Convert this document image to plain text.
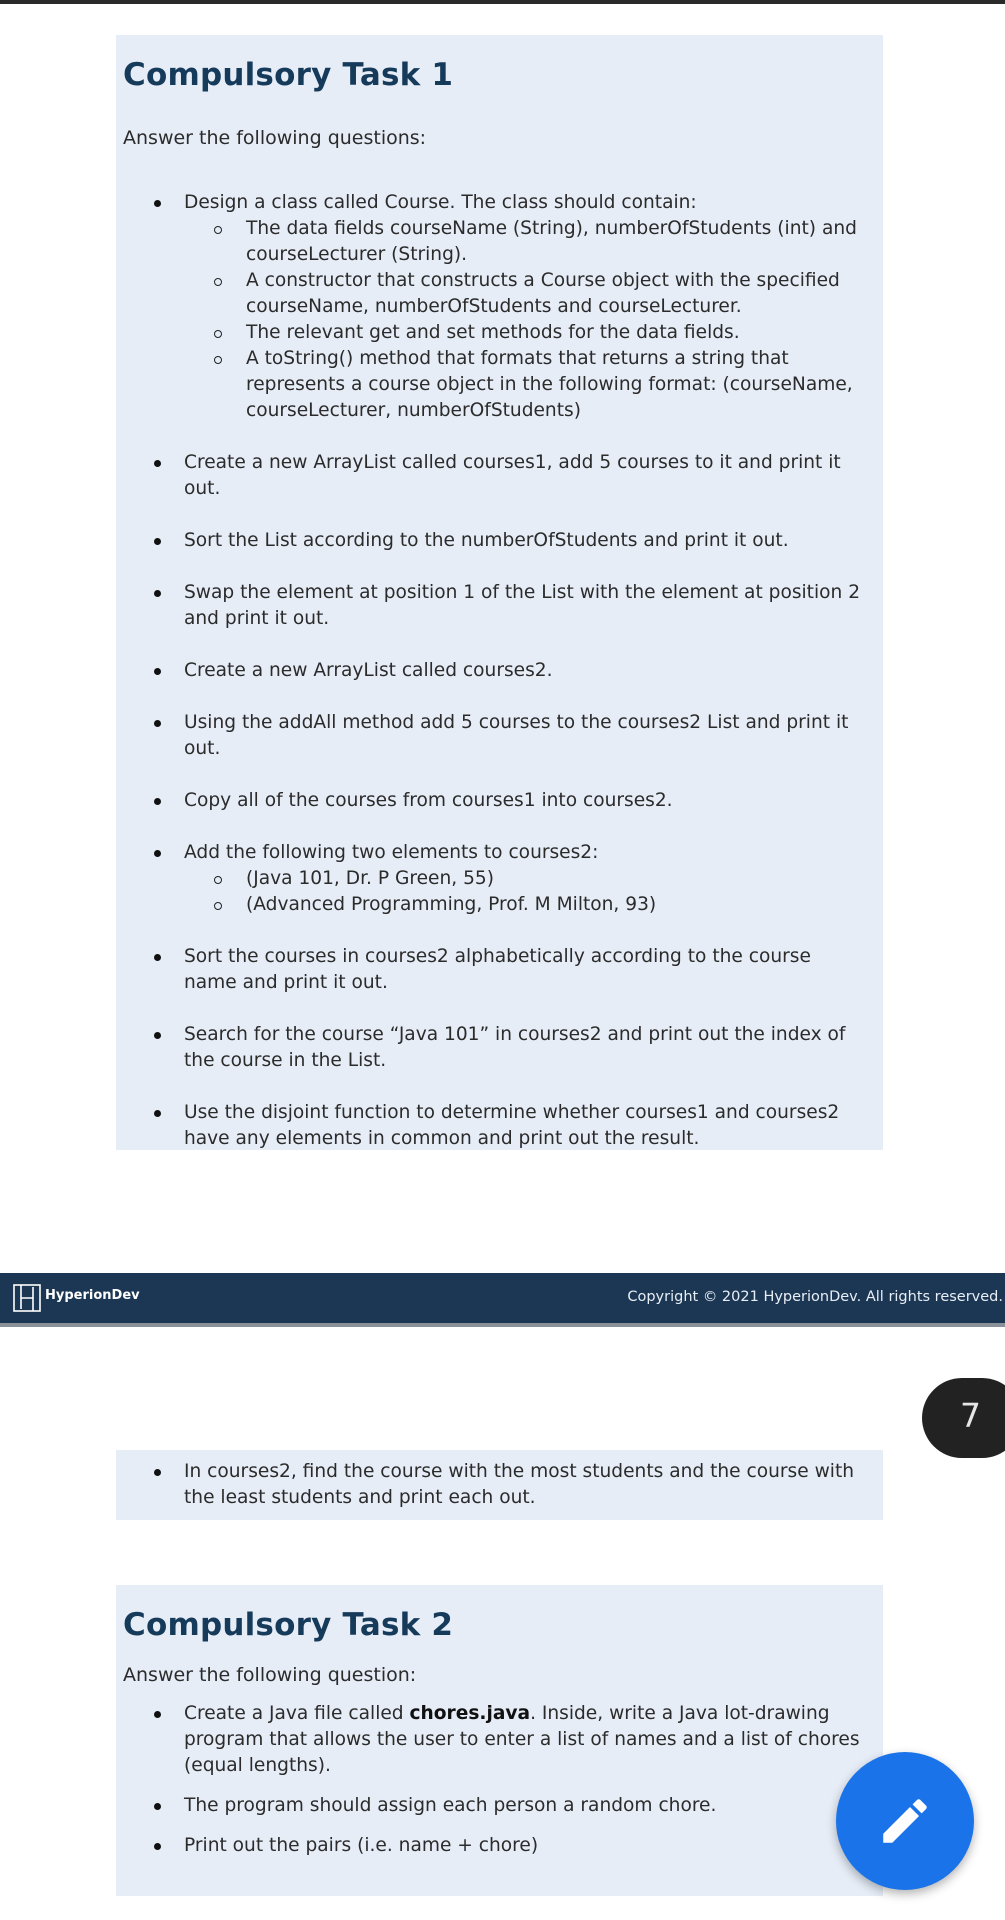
Compulsory Task 1

Answer the following questions:

Design a class called Course. The class should contain:
The data fields courseName (String), numberOfStudents (int) and courseLecturer (String).
A constructor that constructs a Course object with the specified courseName, numberOfStudents and courseLecturer.
The relevant get and set methods for the data fields.
A toString() method that formats that returns a string that represents a course object in the following format: (courseName, courseLecturer, numberOfStudents)
Create a new ArrayList called courses1, add 5 courses to it and print it out.
Sort the List according to the numberOfStudents and print it out.
Swap the element at position 1 of the List with the element at position 2 and print it out.
Create a new ArrayList called courses2.
Using the addAll method add 5 courses to the courses2 List and print it out.
Copy all of the courses from courses1 into courses2.
Add the following two elements to courses2:
(Java 101, Dr. P Green, 55)
(Advanced Programming, Prof. M Milton, 93)
Sort the courses in courses2 alphabetically according to the course name and print it out.
Search for the course “Java 101” in courses2 and print out the index of the course in the List.
Use the disjoint function to determine whether courses1 and courses2 have any elements in common and print out the result.
HyperionDev	Copyright © 2021 HyperionDev. All rights reserved.
7
In courses2, find the course with the most students and the course with the least students and print each out.
Compulsory Task 2

Answer the following question:

Create a Java file called chores.java. Inside, write a Java lot-drawing program that allows the user to enter a list of names and a list of chores (equal lengths).
The program should assign each person a random chore.
Print out the pairs (i.e. name + chore)
